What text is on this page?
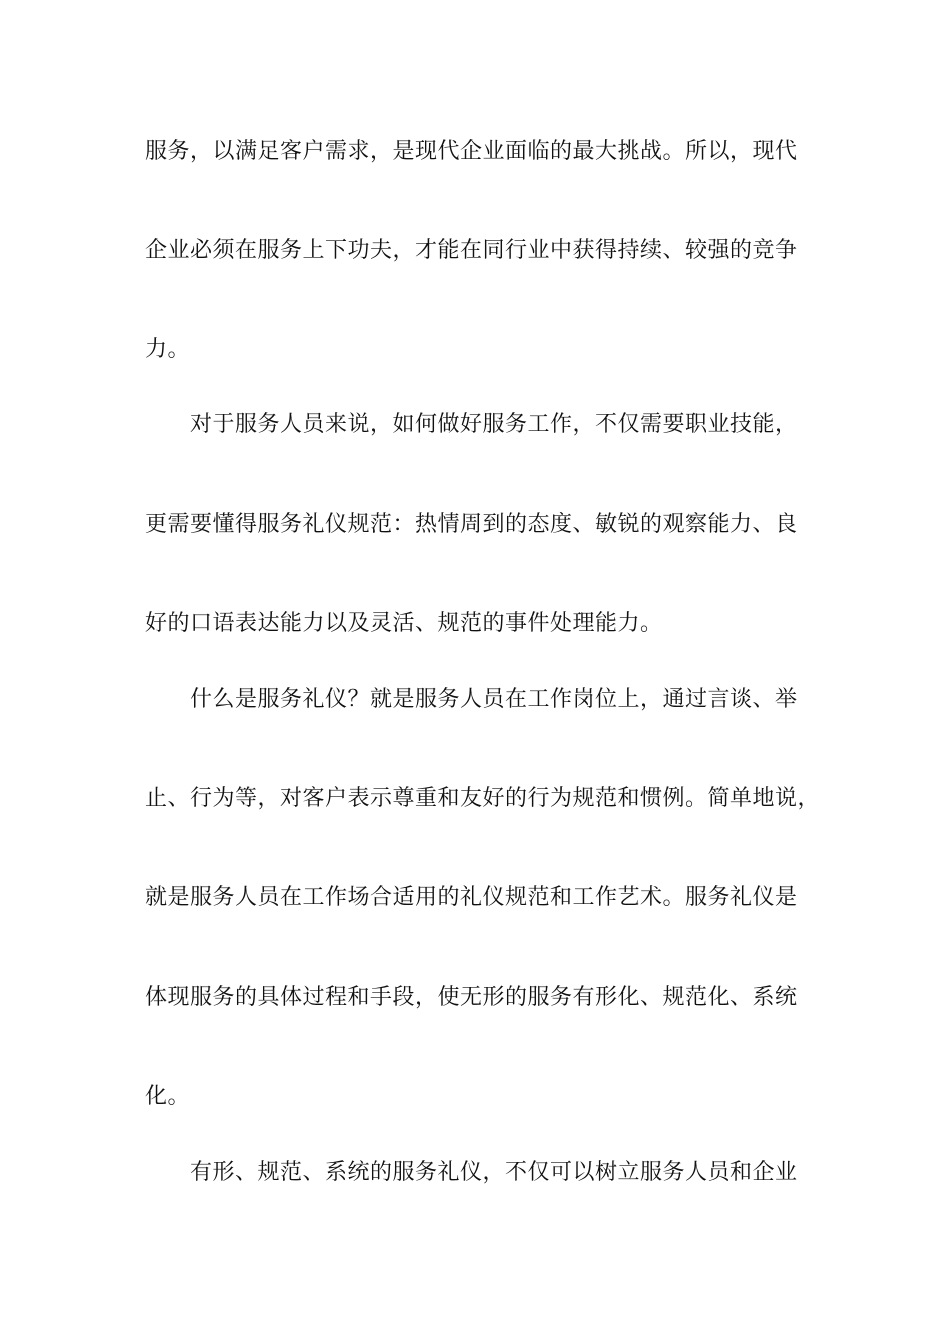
服务，以满足客户需求，是现代企业面临的最大挑战。所以，现代

企业必须在服务上下功夫，才能在同行业中获得持续、较强的竞争

力。

对于服务人员来说，如何做好服务工作，不仅需要职业技能，

更需要懂得服务礼仪规范：热情周到的态度、敏锐的观察能力、良

好的口语表达能力以及灵活、规范的事件处理能力。

什么是服务礼仪？就是服务人员在工作岗位上，通过言谈、举

止、行为等，对客户表示尊重和友好的行为规范和惯例。简单地说，

就是服务人员在工作场合适用的礼仪规范和工作艺术。服务礼仪是

体现服务的具体过程和手段，使无形的服务有形化、规范化、系统

化。

有形、规范、系统的服务礼仪，不仅可以树立服务人员和企业
